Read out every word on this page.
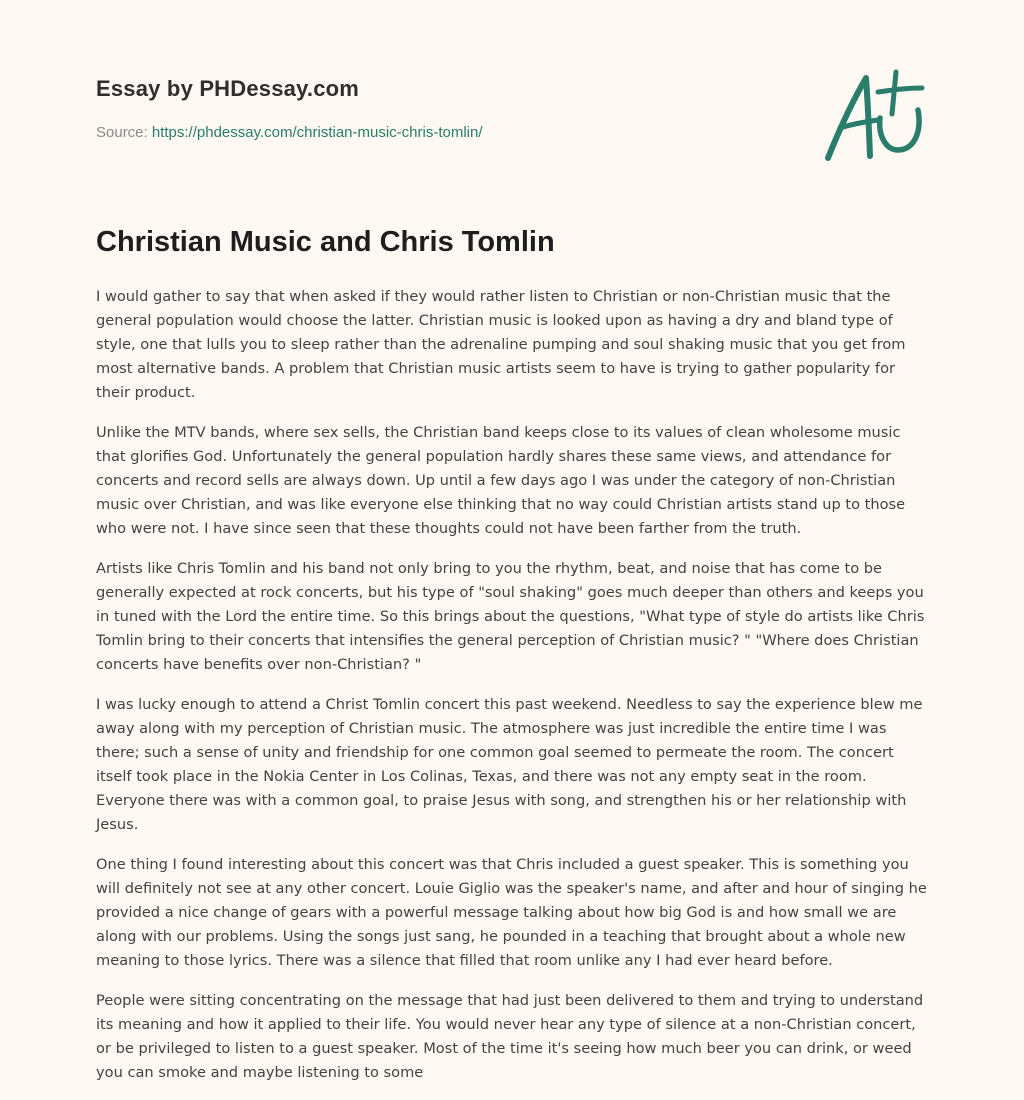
Essay by PHDessay.com
Source: https://phdessay.com/christian-music-chris-tomlin/
Christian Music and Chris Tomlin

I would gather to say that when asked if they would rather listen to Christian or non-Christian music that the general population would choose the latter. Christian music is looked upon as having a dry and bland type of style, one that lulls you to sleep rather than the adrenaline pumping and soul shaking music that you get from most alternative bands. A problem that Christian music artists seem to have is trying to gather popularity for their product.

Unlike the MTV bands, where sex sells, the Christian band keeps close to its values of clean wholesome music that glorifies God. Unfortunately the general population hardly shares these same views, and attendance for concerts and record sells are always down. Up until a few days ago I was under the category of non-Christian music over Christian, and was like everyone else thinking that no way could Christian artists stand up to those who were not. I have since seen that these thoughts could not have been farther from the truth.

Artists like Chris Tomlin and his band not only bring to you the rhythm, beat, and noise that has come to be generally expected at rock concerts, but his type of "soul shaking" goes much deeper than others and keeps you in tuned with the Lord the entire time. So this brings about the questions, "What type of style do artists like Chris Tomlin bring to their concerts that intensifies the general perception of Christian music? " "Where does Christian concerts have benefits over non-Christian? "

I was lucky enough to attend a Christ Tomlin concert this past weekend. Needless to say the experience blew me away along with my perception of Christian music. The atmosphere was just incredible the entire time I was there; such a sense of unity and friendship for one common goal seemed to permeate the room. The concert itself took place in the Nokia Center in Los Colinas, Texas, and there was not any empty seat in the room. Everyone there was with a common goal, to praise Jesus with song, and strengthen his or her relationship with Jesus.

One thing I found interesting about this concert was that Chris included a guest speaker. This is something you will definitely not see at any other concert. Louie Giglio was the speaker's name, and after and hour of singing he provided a nice change of gears with a powerful message talking about how big God is and how small we are along with our problems. Using the songs just sang, he pounded in a teaching that brought about a whole new meaning to those lyrics. There was a silence that filled that room unlike any I had ever heard before.

People were sitting concentrating on the message that had just been delivered to them and trying to understand its meaning and how it applied to their life. You would never hear any type of silence at a non-Christian concert, or be privileged to listen to a guest speaker. Most of the time it's seeing how much beer you can drink, or weed you can smoke and maybe listening to some
